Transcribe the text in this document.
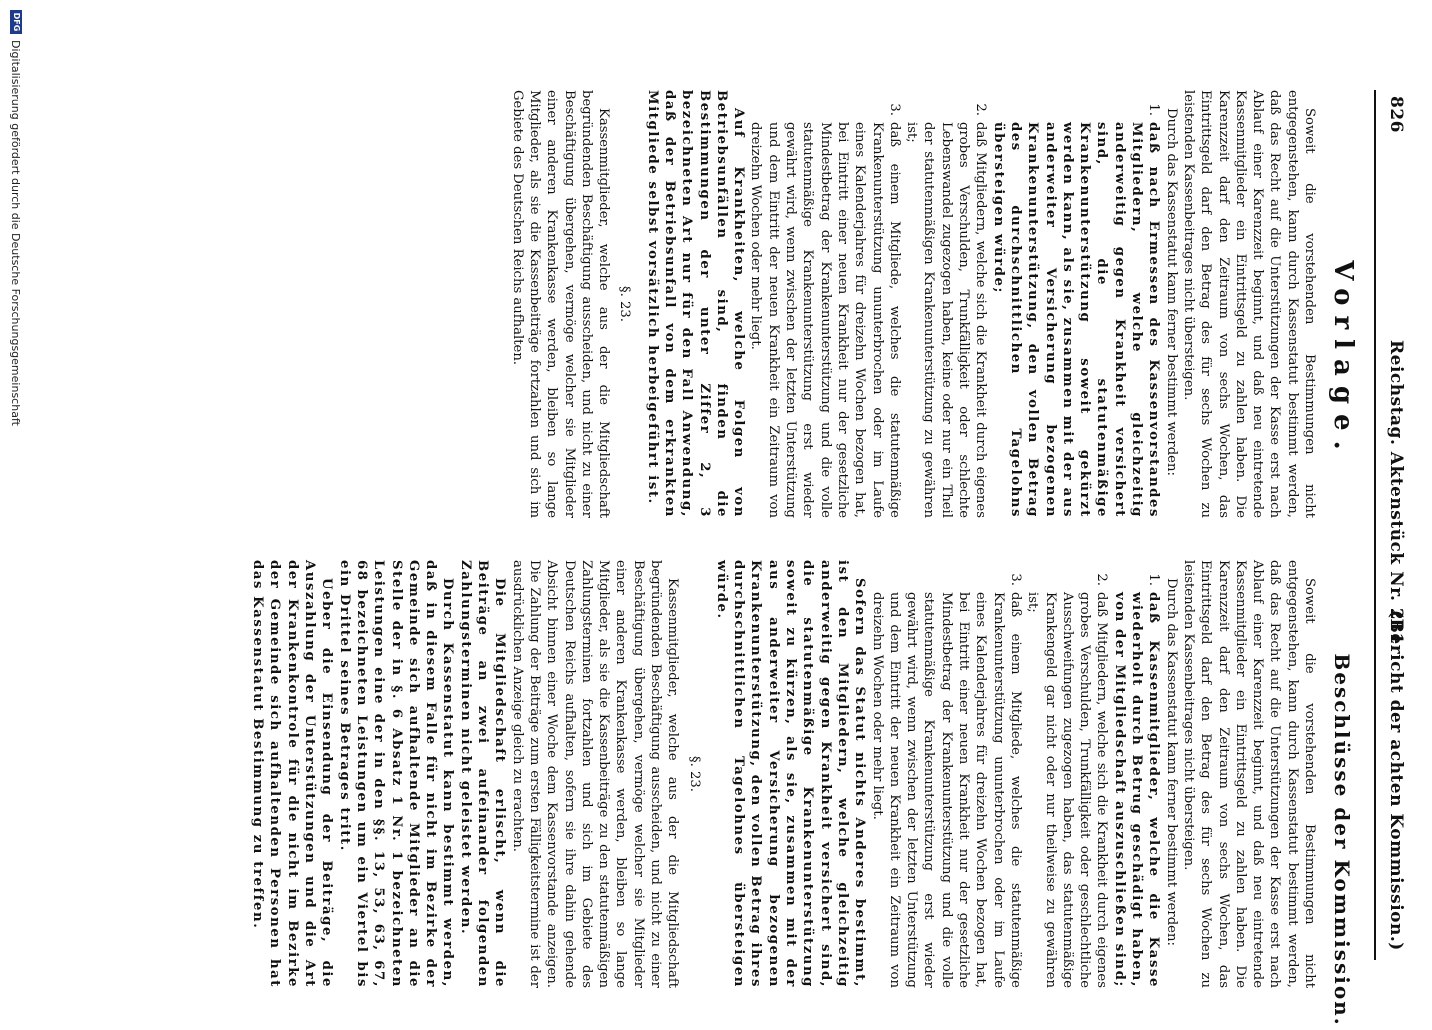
826
Reichstag. Aktenstück Nr. 211.
(Bericht der achten Kommission.)
Vorlage.
Beschlüsse der Kommission.

Soweit die vorstehenden Bestimmungen nicht entgegenstehen, kann durch Kassenstatut bestimmt werden, daß das Recht auf die Unterstützungen der Kasse erst nach Ablauf einer Karenzzeit beginnt, und daß neu eintretende Kassenmitglieder ein Eintrittsgeld zu zahlen haben. Die Karenzzeit darf den Zeitraum von sechs Wochen, das Eintrittsgeld darf den Betrag des für sechs Wochen zu leistenden Kassenbeitrages nicht übersteigen.

Durch das Kassenstatut kann ferner bestimmt werden:

1.
daß nach Ermessen des Kassenvorstandes Mitgliedern, welche gleichzeitig anderweitig gegen Krankheit versichert sind, die statutenmäßige Krankenunterstützung soweit gekürzt werden kann, als sie, zusammen mit der aus anderweiter Versicherung bezogenen Krankenunterstützung, den vollen Betrag des durchschnittlichen Tagelohns übersteigen würde;
2.
daß Mitgliedern, welche sich die Krankheit durch eigenes grobes Verschulden, Trunkfälligkeit oder schlechte Lebenswandel zugezogen haben, keine oder nur ein Theil der statutenmäßigen Krankenunterstützung zu gewähren ist;
3.
daß einem Mitgliede, welches die statutenmäßige Krankenunterstützung ununterbrochen oder im Laufe eines Kalenderjahres für dreizehn Wochen bezogen hat, bei Eintritt einer neuen Krankheit nur der gesetzliche Mindestbetrag der Krankenunterstützung und die volle statutenmäßige Krankenunterstützung erst wieder gewährt wird, wenn zwischen der letzten Unterstützung und dem Eintritt der neuen Krankheit ein Zeitraum von dreizehn Wochen oder mehr liegt.

Auf Krankheiten, welche Folgen von Betriebsunfällen sind, finden die Bestimmungen der unter Ziffer 2, 3 bezeichneten Art nur für den Fall Anwendung, daß der Betriebsunfall von dem erkrankten Mitgliede selbst vorsätzlich herbeigeführt ist.

§. 23.

Kassenmitglieder, welche aus der die Mitgliedschaft begründenden Beschäftigung ausscheiden, und nicht zu einer Beschäftigung übergehen, vermöge welcher sie Mitglieder einer anderen Krankenkasse werden, bleiben so lange Mitglieder, als sie die Kassenbeiträge fortzahlen und sich im Gebiete des Deutschen Reichs aufhalten.

Soweit die vorstehenden Bestimmungen nicht entgegenstehen, kann durch Kassenstatut bestimmt werden, daß das Recht auf die Unterstützungen der Kasse erst nach Ablauf einer Karenzzeit beginnt, und daß neu eintretende Kassenmitglieder ein Eintrittsgeld zu zahlen haben. Die Karenzzeit darf den Zeitraum von sechs Wochen, das Eintrittsgeld darf den Betrag des für sechs Wochen zu leistenden Kassenbeitrages nicht übersteigen.

Durch das Kassenstatut kann ferner bestimmt werden:

1.
daß Kassenmitglieder, welche die Kasse wiederholt durch Betrug geschädigt haben, von der Mitgliedschaft auszuschließen sind;
2.
daß Mitgliedern, welche sich die Krankheit durch eigenes grobes Verschulden, Trunkfälligkeit oder geschlechtliche Ausschweifungen zugezogen haben, das statutenmäßige Krankengeld gar nicht oder nur theilweise zu gewähren ist;
3.
daß einem Mitgliede, welches die statutenmäßige Krankenunterstützung ununterbrochen oder im Laufe eines Kalenderjahres für dreizehn Wochen bezogen hat, bei Eintritt einer neuen Krankheit nur der gesetzliche Mindestbetrag der Krankenunterstützung und die volle statutenmäßige Krankenunterstützung erst wieder gewährt wird, wenn zwischen der letzten Unterstützung und dem Eintritt der neuen Krankheit ein Zeitraum von dreizehn Wochen oder mehr liegt.

Sofern das Statut nichts Anderes bestimmt, ist den Mitgliedern, welche gleichzeitig anderweitig gegen Krankheit versichert sind, die statutenmäßige Krankenunterstützung soweit zu kürzen, als sie, zusammen mit der aus anderweiter Versicherung bezogenen Krankenunterstützung, den vollen Betrag ihres durchschnittlichen Tagelohnes übersteigen würde.

§. 23.

Kassenmitglieder, welche aus der die Mitgliedschaft begründenden Beschäftigung ausscheiden, und nicht zu einer Beschäftigung übergehen, vermöge welcher sie Mitglieder einer anderen Krankenkasse werden, bleiben so lange Mitglieder, als sie die Kassenbeiträge zu den statutenmäßigen Zahlungsterminen fortzahlen und sich im Gebiete des Deutschen Reichs aufhalten, sofern sie ihre dahin gehende Absicht binnen einer Woche dem Kassenvorstande anzeigen. Die Zahlung der Beiträge zum ersten Fälligkeitstermine ist der ausdrücklichen Anzeige gleich zu erachten.

Die Mitgliedschaft erlischt, wenn die Beiträge an zwei aufeinander folgenden Zahlungsterminen nicht geleistet werden.

Durch Kassenstatut kann bestimmt werden, daß in diesem Falle für nicht im Bezirke der Gemeinde sich aufhaltende Mitglieder an die Stelle der in §. 6 Absatz 1 Nr. 1 bezeichneten Leistungen eine der in den §§. 13, 53, 63, 67, 68 bezeichneten Leistungen um ein Viertel bis ein Drittel seines Betrages tritt.

Ueber die Einsendung der Beiträge, die Auszahlung der Unterstützungen und die Art der Krankenkontrole für die nicht im Bezirke der Gemeinde sich aufhaltenden Personen hat das Kassenstatut Bestimmung zu treffen.

DFG
Digitalisierung gefördert durch die Deutsche Forschungsgemeinschaft
